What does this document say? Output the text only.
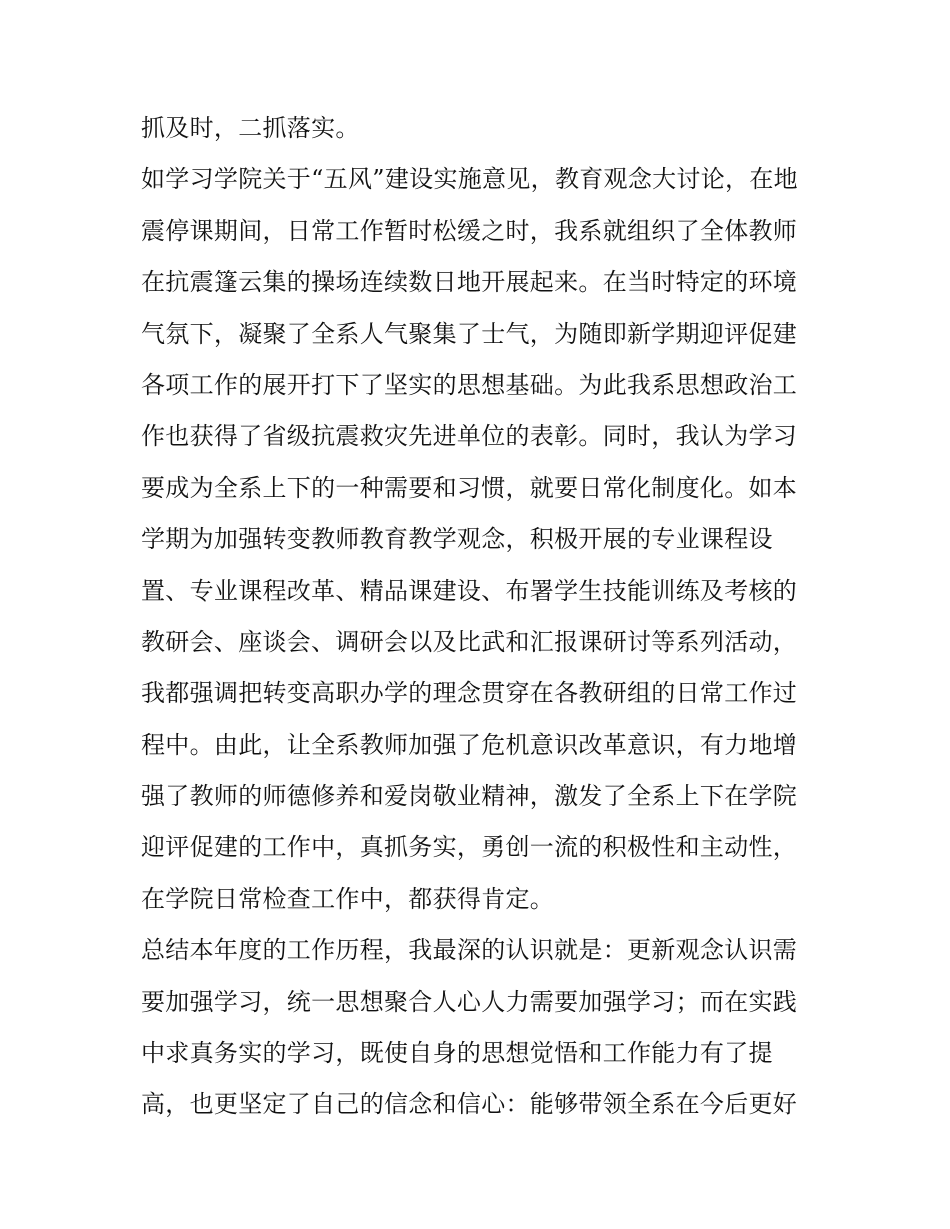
抓及时，二抓落实。
如学习学院关于“五风”建设实施意见，教育观念大讨论，在地
震停课期间，日常工作暂时松缓之时，我系就组织了全体教师
在抗震篷云集的操场连续数日地开展起来。在当时特定的环境
气氛下，凝聚了全系人气聚集了士气，为随即新学期迎评促建
各项工作的展开打下了坚实的思想基础。为此我系思想政治工
作也获得了省级抗震救灾先进单位的表彰。同时，我认为学习
要成为全系上下的一种需要和习惯，就要日常化制度化。如本
学期为加强转变教师教育教学观念，积极开展的专业课程设
置、专业课程改革、精品课建设、布署学生技能训练及考核的
教研会、座谈会、调研会以及比武和汇报课研讨等系列活动，
我都强调把转变高职办学的理念贯穿在各教研组的日常工作过
程中。由此，让全系教师加强了危机意识改革意识，有力地增
强了教师的师德修养和爱岗敬业精神，激发了全系上下在学院
迎评促建的工作中，真抓务实，勇创一流的积极性和主动性，
在学院日常检查工作中，都获得肯定。
总结本年度的工作历程，我最深的认识就是：更新观念认识需
要加强学习，统一思想聚合人心人力需要加强学习；而在实践
中求真务实的学习，既使自身的思想觉悟和工作能力有了提
高，也更坚定了自己的信念和信心：能够带领全系在今后更好
